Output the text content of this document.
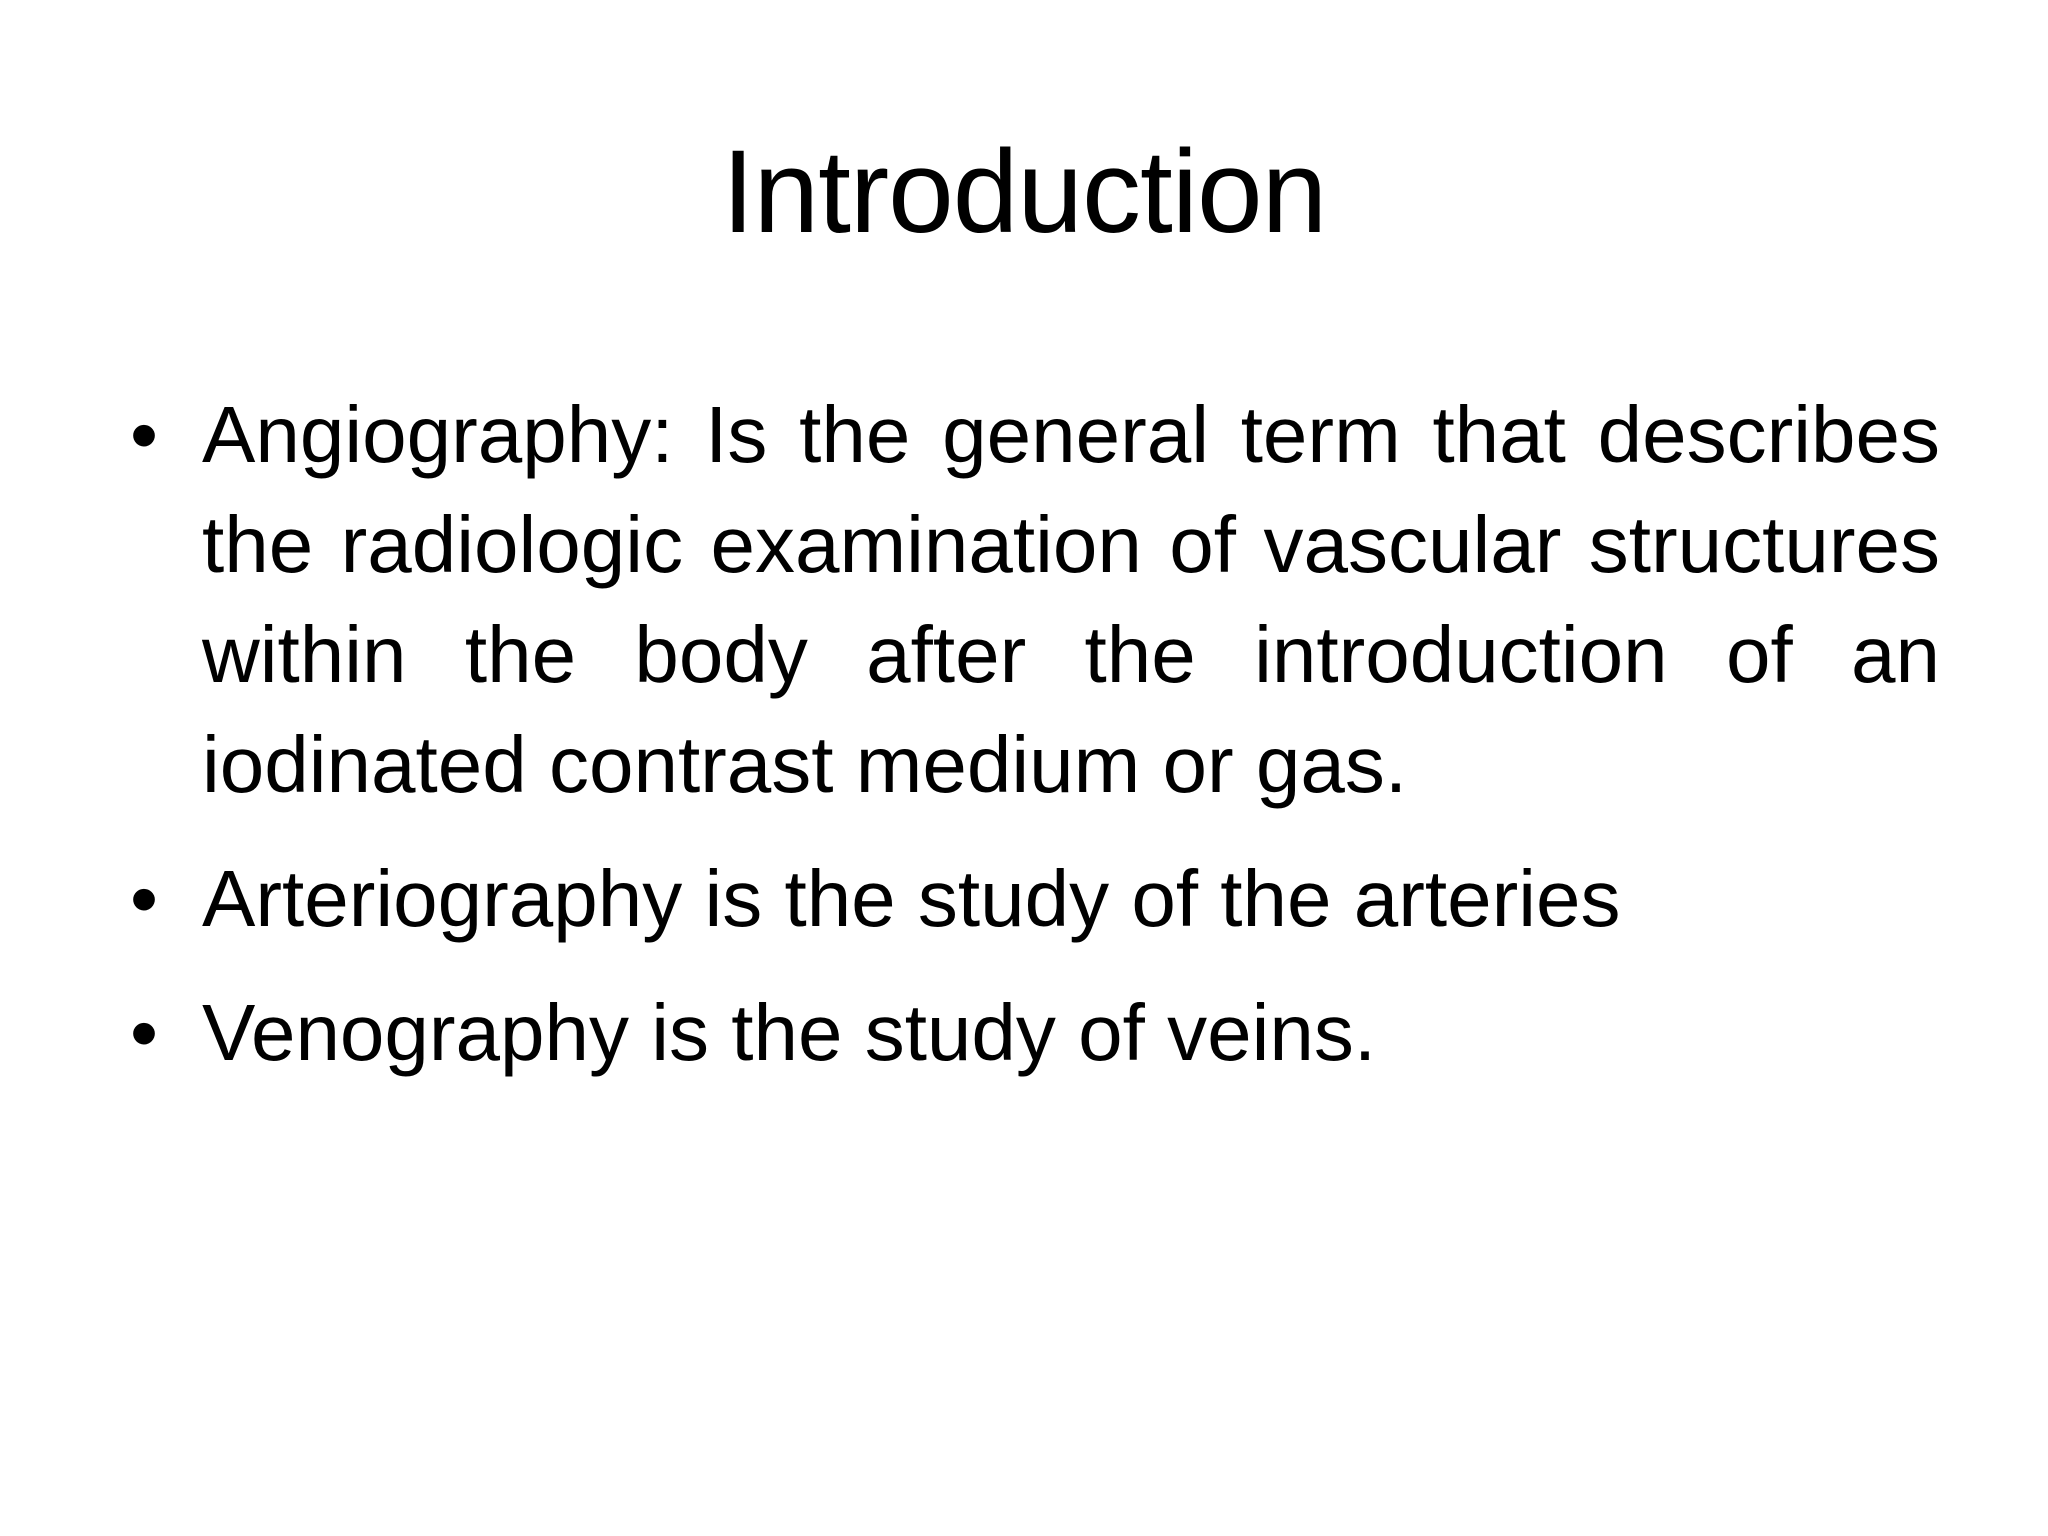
Introduction
• Angiography: Is the general term that describes the radiologic examination of vascular structures within the body after the introduction of an iodinated contrast medium or gas.
• Arteriography is the study of the arteries
• Venography is the study of veins.
